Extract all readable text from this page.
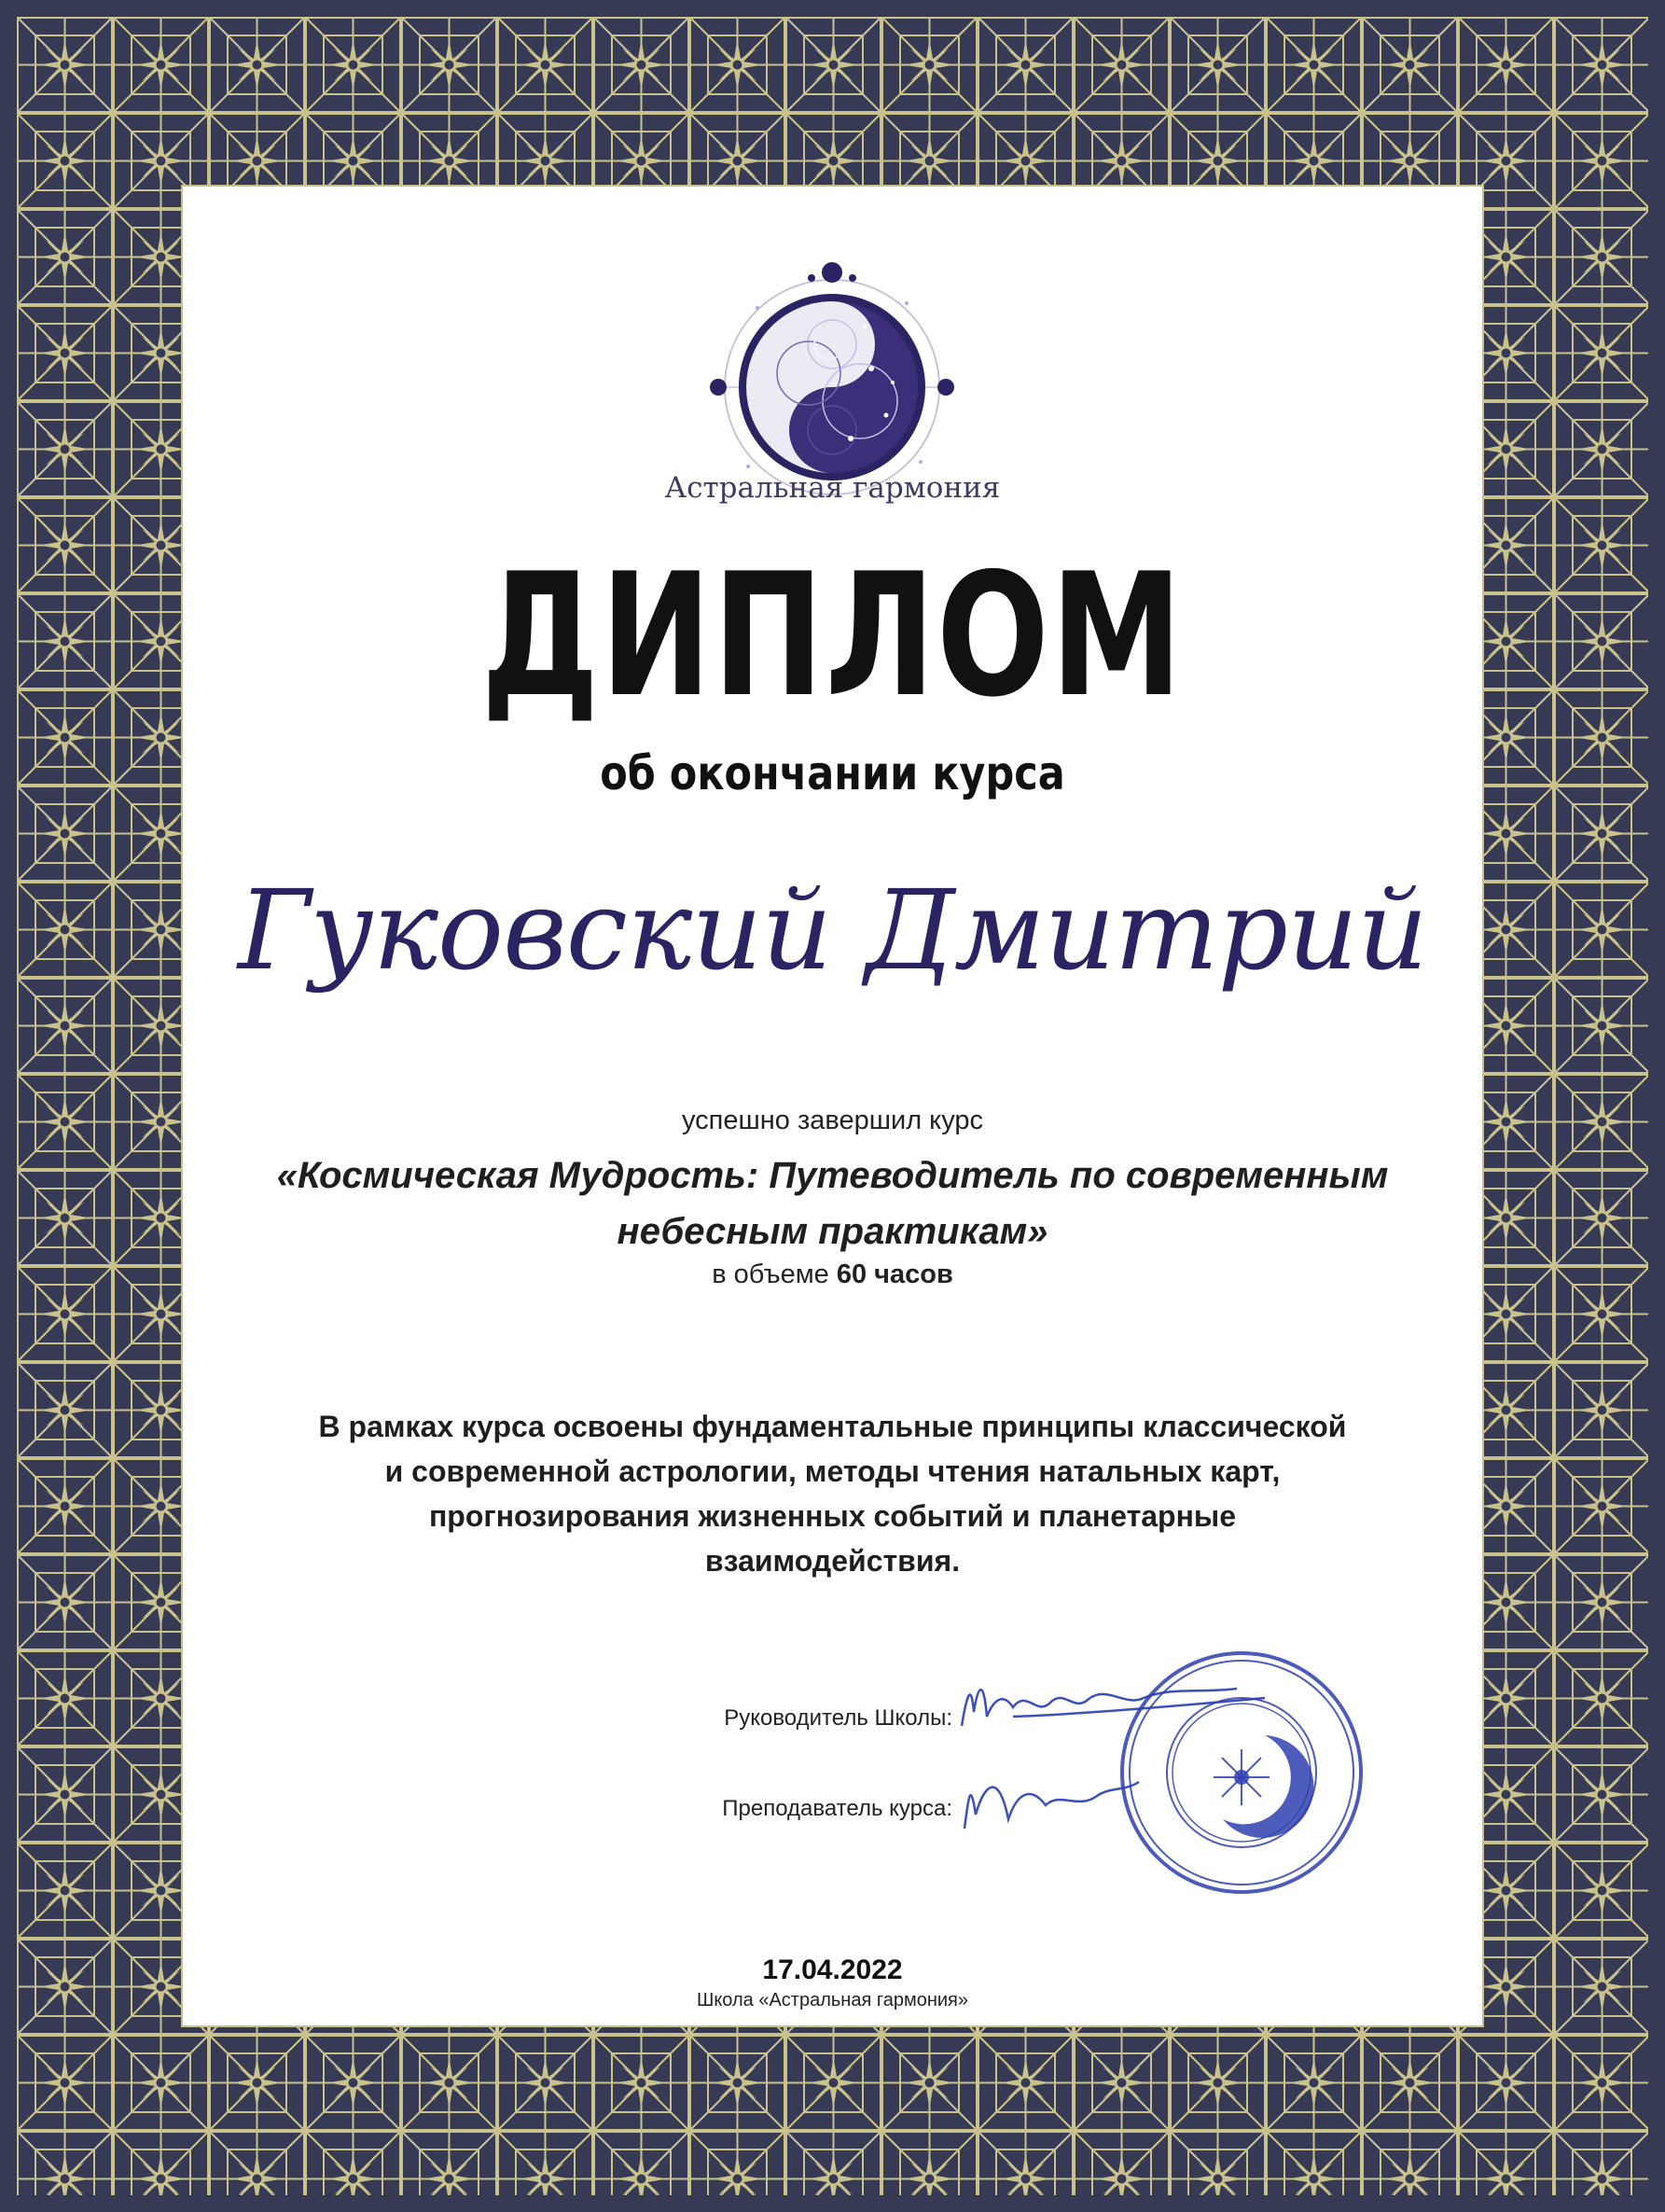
Астральная гармония
ДИПЛОМ
об окончании курса
Гуковский Дмитрий
успешно завершил курс
«Космическая Мудрость: Путеводитель по современным
небесным практикам»
в объеме 60 часов
В рамках курса освоены фундаментальные принципы классической
и современной астрологии, методы чтения натальных карт,
прогнозирования жизненных событий и планетарные
взаимодействия.
Руководитель Школы:
Преподаватель курса:
17.04.2022
Школа «Астральная гармония»
